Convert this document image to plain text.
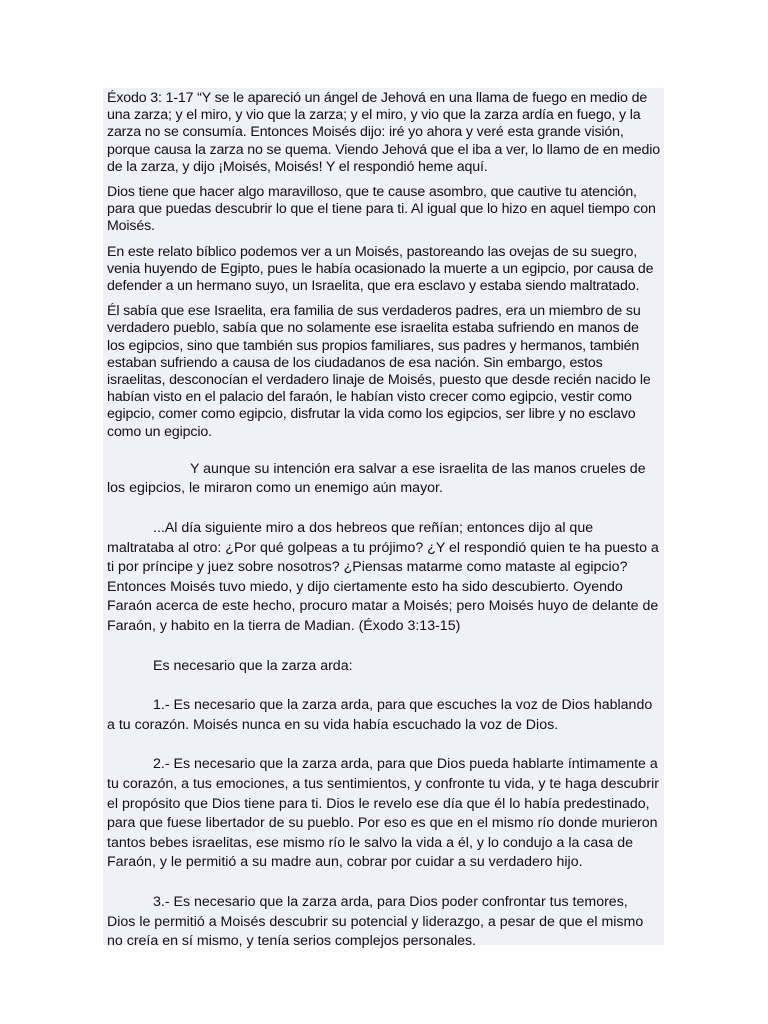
Éxodo 3: 1-17 “Y se le apareció un ángel de Jehová en una llama de fuego en medio de una zarza; y el miro, y vio que la zarza; y el miro, y vio que la zarza ardía en fuego, y la zarza no se consumía. Entonces Moisés dijo: iré yo ahora y veré esta grande visión, porque causa la zarza no se quema. Viendo Jehová que el iba a ver, lo llamo de en medio de la zarza, y dijo ¡Moisés, Moisés! Y el respondió heme aquí.

Dios tiene que hacer algo maravilloso, que te cause asombro, que cautive tu atención, para que puedas descubrir lo que el tiene para ti. Al igual que lo hizo en aquel tiempo con Moisés.

En este relato bíblico podemos ver a un Moisés, pastoreando las ovejas de su suegro, venia huyendo de Egipto, pues le había ocasionado la muerte a un egipcio, por causa de defender a un hermano suyo, un Israelita, que era esclavo y estaba siendo maltratado.

Él sabía que ese Israelita, era familia de sus verdaderos padres, era un miembro de su verdadero pueblo, sabía que no solamente ese israelita estaba sufriendo en manos de los egipcios, sino que también sus propios familiares, sus padres y hermanos, también estaban sufriendo a causa de los ciudadanos de esa nación. Sin embargo, estos israelitas, desconocían el verdadero linaje de Moisés, puesto que desde recién nacido le habían visto en el palacio del faraón, le habían visto crecer como egipcio, vestir como egipcio, comer como egipcio, disfrutar la vida como los egipcios, ser libre y no esclavo como un egipcio.

Y aunque su intención era salvar a ese israelita de las manos crueles de los egipcios, le miraron como un enemigo aún mayor.

...Al día siguiente miro a dos hebreos que reñían; entonces dijo al que maltrataba al otro: ¿Por qué golpeas a tu prójimo? ¿Y el respondió quien te ha puesto a ti por príncipe y juez sobre nosotros? ¿Piensas matarme como mataste al egipcio? Entonces Moisés tuvo miedo, y dijo ciertamente esto ha sido descubierto. Oyendo Faraón acerca de este hecho, procuro matar a Moisés; pero Moisés huyo de delante de Faraón, y habito en la tierra de Madian. (Éxodo 3:13-15)

Es necesario que la zarza arda:

1.- Es necesario que la zarza arda, para que escuches la voz de Dios hablando a tu corazón. Moisés nunca en su vida había escuchado la voz de Dios.

2.- Es necesario que la zarza arda, para que Dios pueda hablarte íntimamente a tu corazón, a tus emociones, a tus sentimientos, y confronte tu vida, y te haga descubrir el propósito que Dios tiene para ti. Dios le revelo ese día que él lo había predestinado, para que fuese libertador de su pueblo. Por eso es que en el mismo río donde murieron tantos bebes israelitas, ese mismo río le salvo la vida a él, y lo condujo a la casa de Faraón, y le permitió a su madre aun, cobrar por cuidar a su verdadero hijo.

3.- Es necesario que la zarza arda, para Dios poder confrontar tus temores, Dios le permitió a Moisés descubrir su potencial y liderazgo, a pesar de que el mismo no creía en sí mismo, y tenía serios complejos personales.
